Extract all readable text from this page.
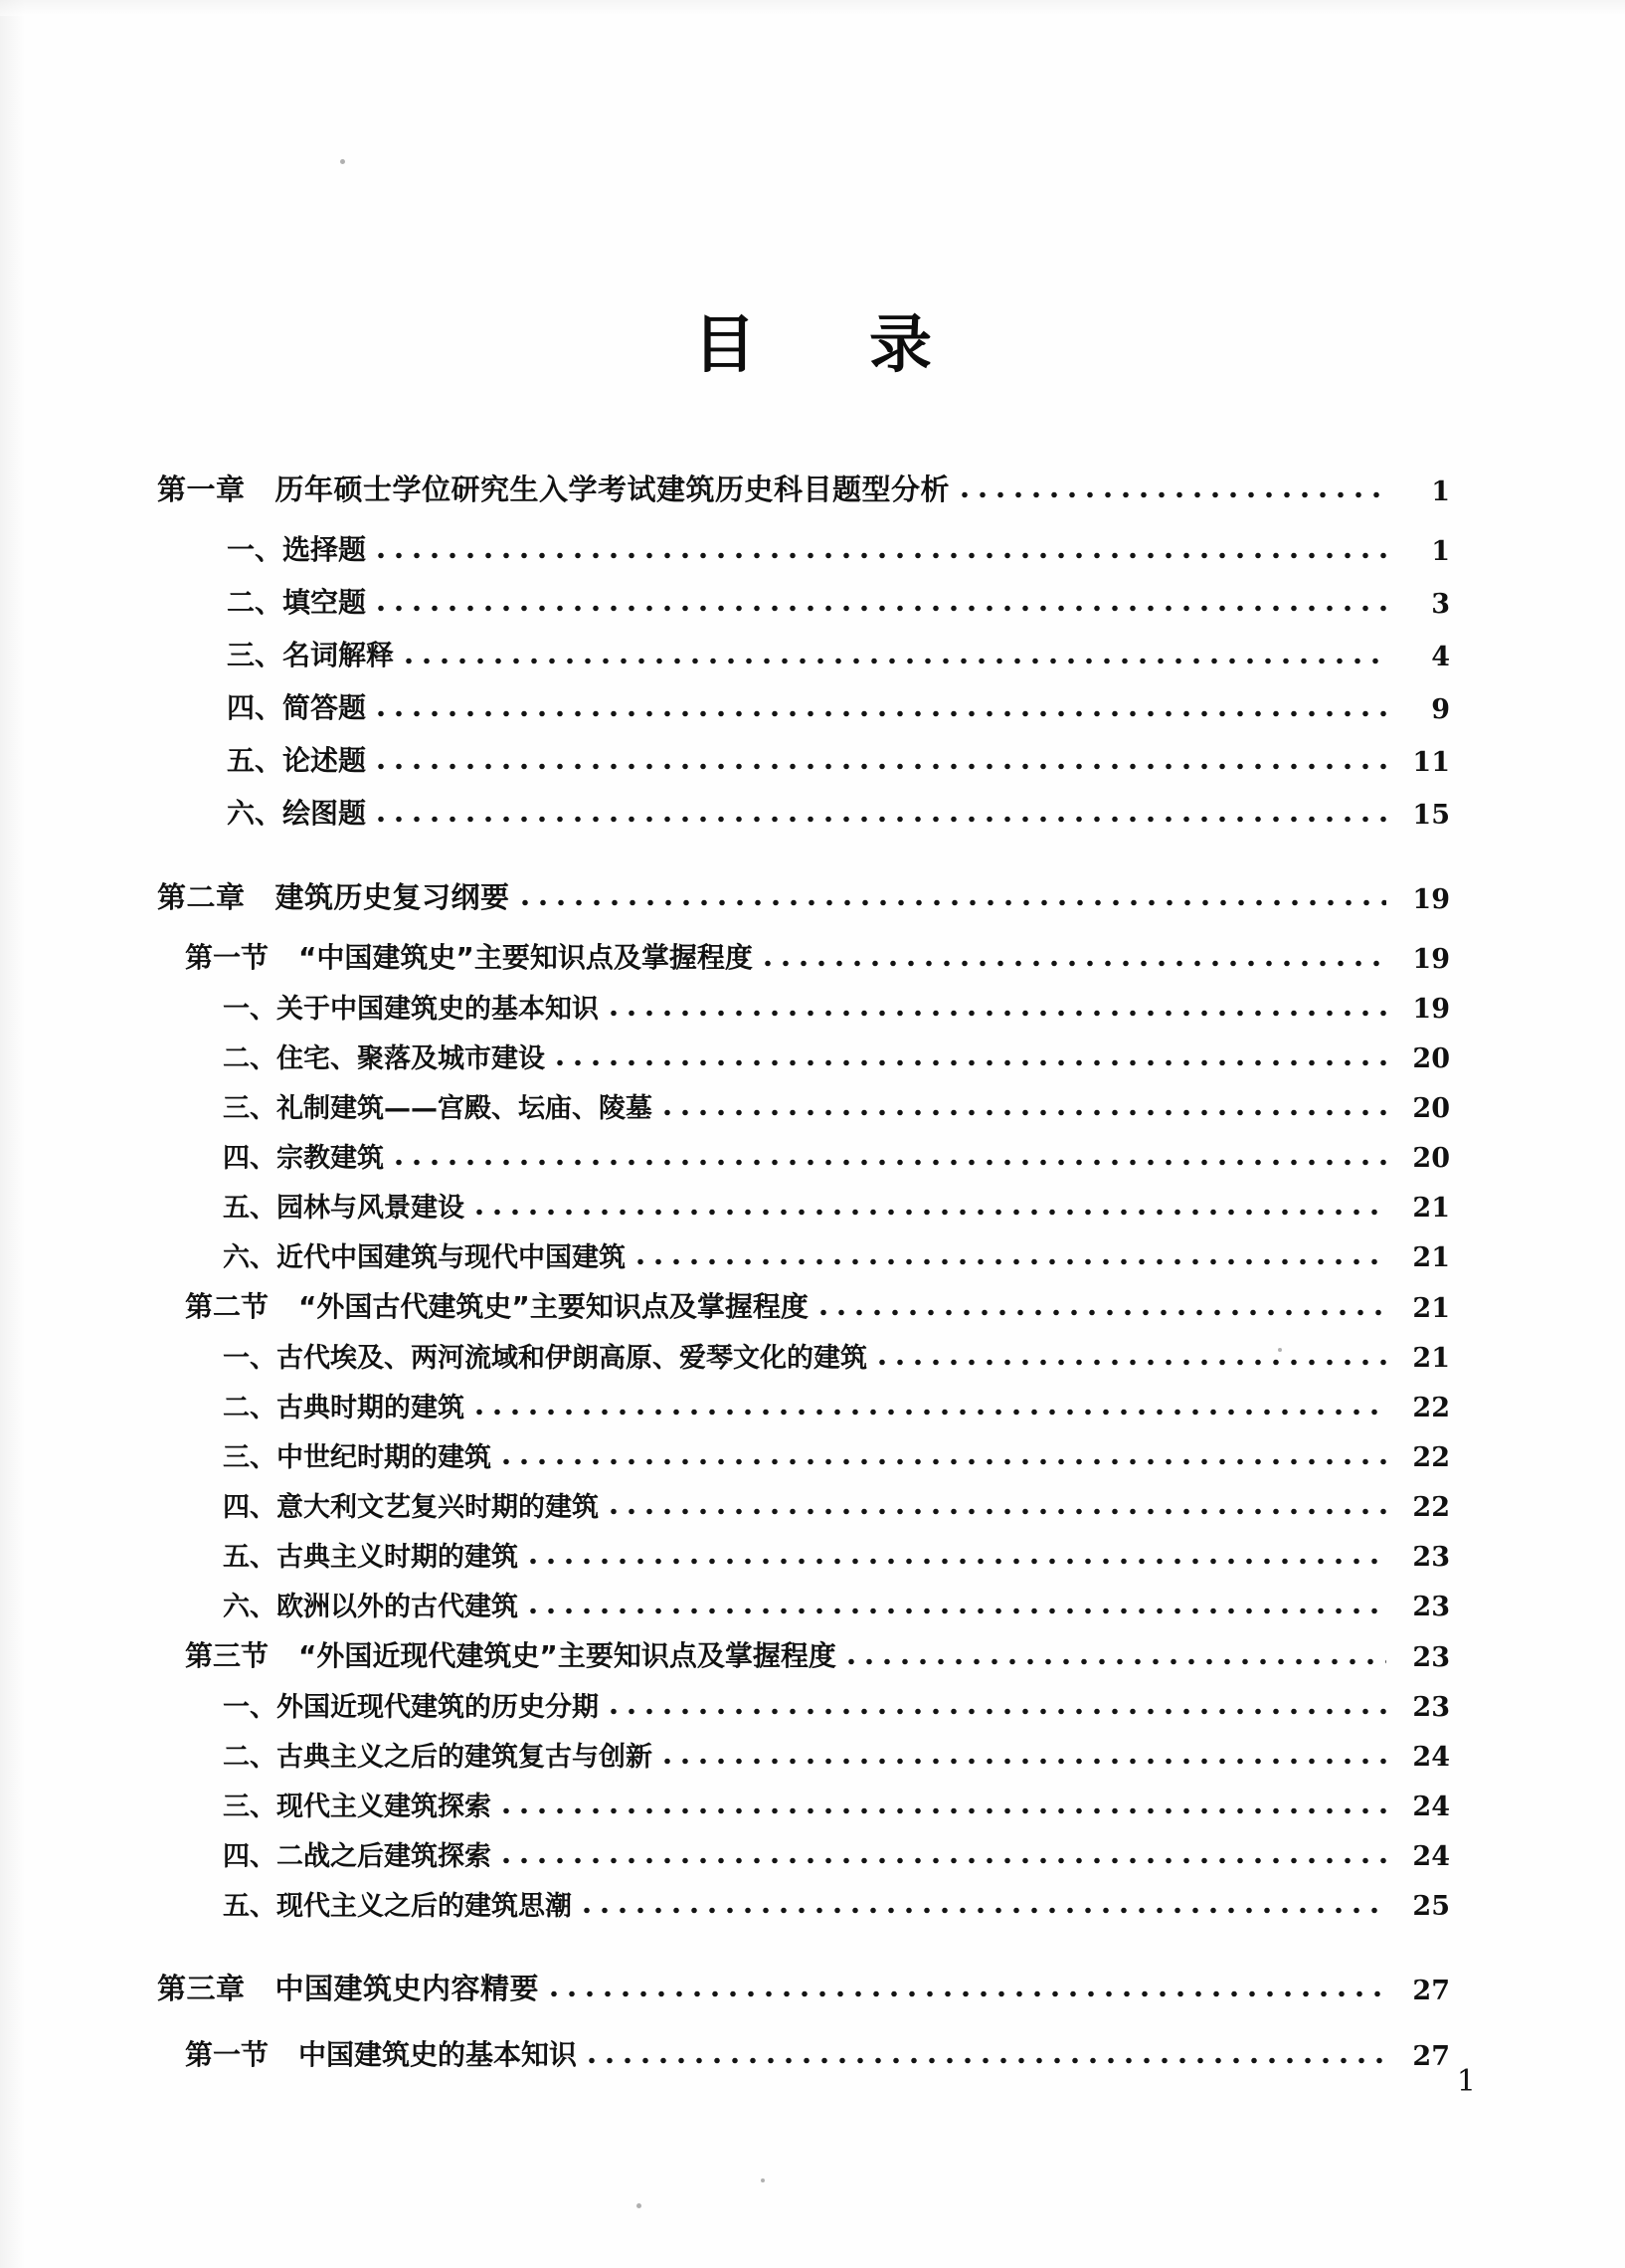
目 录
第一章 历年硕士学位研究生入学考试建筑历史科目题型分析	1
一、选择题	1
二、填空题	3
三、名词解释	4
四、简答题	9
五、论述题	11
六、绘图题	15
第二章 建筑历史复习纲要	19
第一节 “中国建筑史”主要知识点及掌握程度	19
一、关于中国建筑史的基本知识	19
二、住宅、聚落及城市建设	20
三、礼制建筑——宫殿、坛庙、陵墓	20
四、宗教建筑	20
五、园林与风景建设	21
六、近代中国建筑与现代中国建筑	21
第二节 “外国古代建筑史”主要知识点及掌握程度	21
一、古代埃及、两河流域和伊朗高原、爱琴文化的建筑	21
二、古典时期的建筑	22
三、中世纪时期的建筑	22
四、意大利文艺复兴时期的建筑	22
五、古典主义时期的建筑	23
六、欧洲以外的古代建筑	23
第三节 “外国近现代建筑史”主要知识点及掌握程度	23
一、外国近现代建筑的历史分期	23
二、古典主义之后的建筑复古与创新	24
三、现代主义建筑探索	24
四、二战之后建筑探索	24
五、现代主义之后的建筑思潮	25
第三章 中国建筑史内容精要	27
第一节 中国建筑史的基本知识	27
1
